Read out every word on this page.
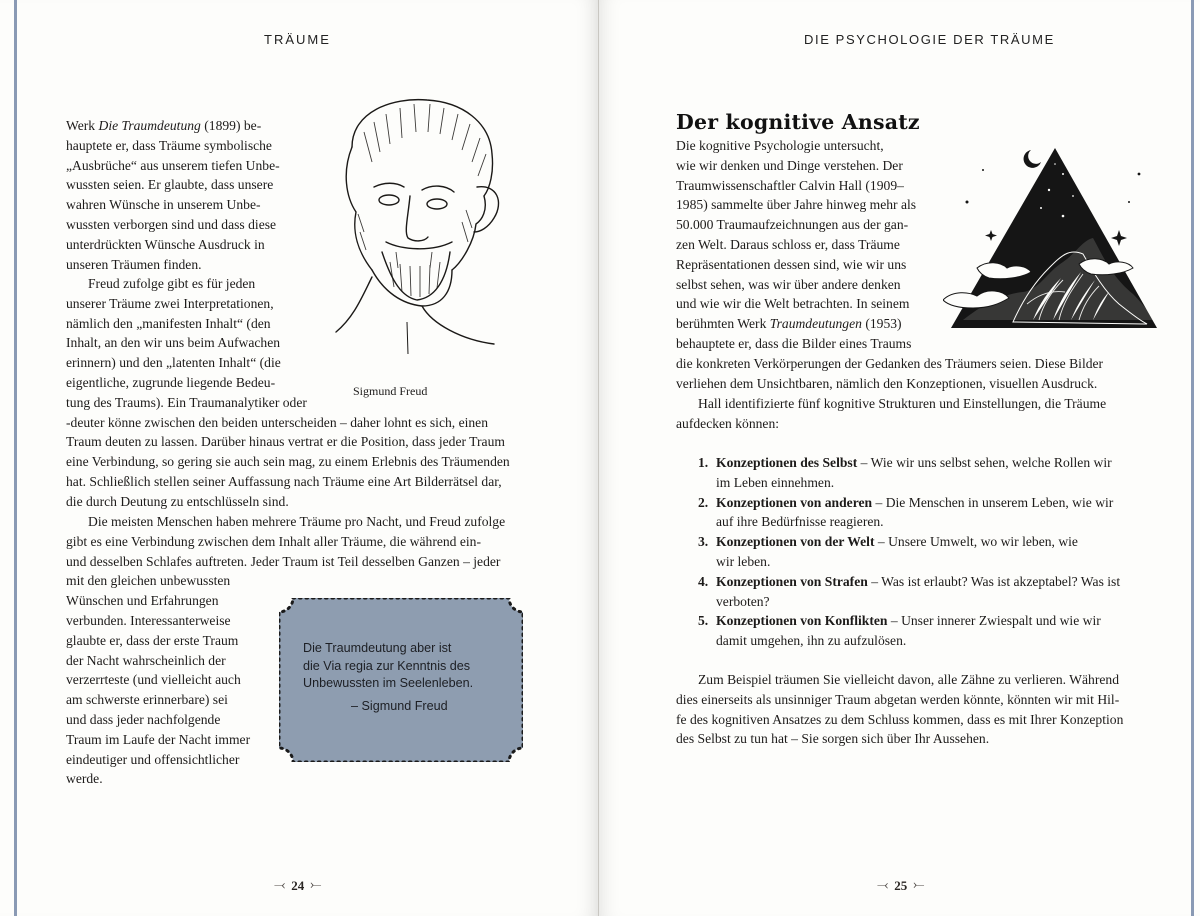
TRÄUME
Sigmund Freud

Werk Die Traumdeutung (1899) be-

hauptete er, dass Träume symbolische

„Ausbrüche“ aus unserem tiefen Unbe-

wussten seien. Er glaubte, dass unsere

wahren Wünsche in unserem Unbe-

wussten verborgen sind und dass diese

unterdrückten Wünsche Ausdruck in

unseren Träumen finden.

Freud zufolge gibt es für jeden

unserer Träume zwei Interpretationen,

nämlich den „manifesten Inhalt“ (den

Inhalt, an den wir uns beim Aufwachen

erinnern) und den „latenten Inhalt“ (die

eigentliche, zugrunde liegende Bedeu-

tung des Traums). Ein Traumanalytiker oder

-deuter könne zwischen den beiden unterscheiden – daher lohnt es sich, einen

Traum deuten zu lassen. Darüber hinaus vertrat er die Position, dass jeder Traum

eine Verbindung, so gering sie auch sein mag, zu einem Erlebnis des Träumenden

hat. Schließlich stellen seiner Auffassung nach Träume eine Art Bilderrätsel dar,

die durch Deutung zu entschlüsseln sind.

Die meisten Menschen haben mehrere Träume pro Nacht, und Freud zufolge

gibt es eine Verbindung zwischen dem Inhalt aller Träume, die während ein-

und desselben Schlafes auftreten. Jeder Traum ist Teil desselben Ganzen – jeder

mit den gleichen unbewussten

Wünschen und Erfahrungen

verbunden. Interessanterweise

glaubte er, dass der erste Traum

der Nacht wahrscheinlich der

verzerrteste (und vielleicht auch

am schwerste erinnerbare) sei

und dass jeder nachfolgende

Traum im Laufe der Nacht immer

eindeutiger und offensichtlicher

werde.

Die Traumdeutung aber ist
die Via regia zur Kenntnis des
Unbewussten im Seelenleben.
– Sigmund Freud
⤙ 24 ⤚
DIE PSYCHOLOGIE DER TRÄUME
Der kognitive Ansatz

Die kognitive Psychologie untersucht,

wie wir denken und Dinge verstehen. Der

Traumwissenschaftler Calvin Hall (1909–

1985) sammelte über Jahre hinweg mehr als

50.000 Traumaufzeichnungen aus der gan-

zen Welt. Daraus schloss er, dass Träume

Repräsentationen dessen sind, wie wir uns

selbst sehen, was wir über andere denken

und wie wir die Welt betrachten. In seinem

berühmten Werk Traumdeutungen (1953)

behauptete er, dass die Bilder eines Traums

die konkreten Verkörperungen der Gedanken des Träumers seien. Diese Bilder

verliehen dem Unsichtbaren, nämlich den Konzeptionen, visuellen Ausdruck.

Hall identifizierte fünf kognitive Strukturen und Einstellungen, die Träume

aufdecken können:

1. Konzeptionen des Selbst – Wie wir uns selbst sehen, welche Rollen wir
im Leben einnehmen.
2. Konzeptionen von anderen – Die Menschen in unserem Leben, wie wir
auf ihre Bedürfnisse reagieren.
3. Konzeptionen von der Welt – Unsere Umwelt, wo wir leben, wie
wir leben.
4. Konzeptionen von Strafen – Was ist erlaubt? Was ist akzeptabel? Was ist
verboten?
5. Konzeptionen von Konflikten – Unser innerer Zwiespalt und wie wir
damit umgehen, ihn zu aufzulösen.

Zum Beispiel träumen Sie vielleicht davon, alle Zähne zu verlieren. Während

dies einerseits als unsinniger Traum abgetan werden könnte, könnten wir mit Hil-

fe des kognitiven Ansatzes zu dem Schluss kommen, dass es mit Ihrer Konzeption

des Selbst zu tun hat – Sie sorgen sich über Ihr Aussehen.

⤙ 25 ⤚
